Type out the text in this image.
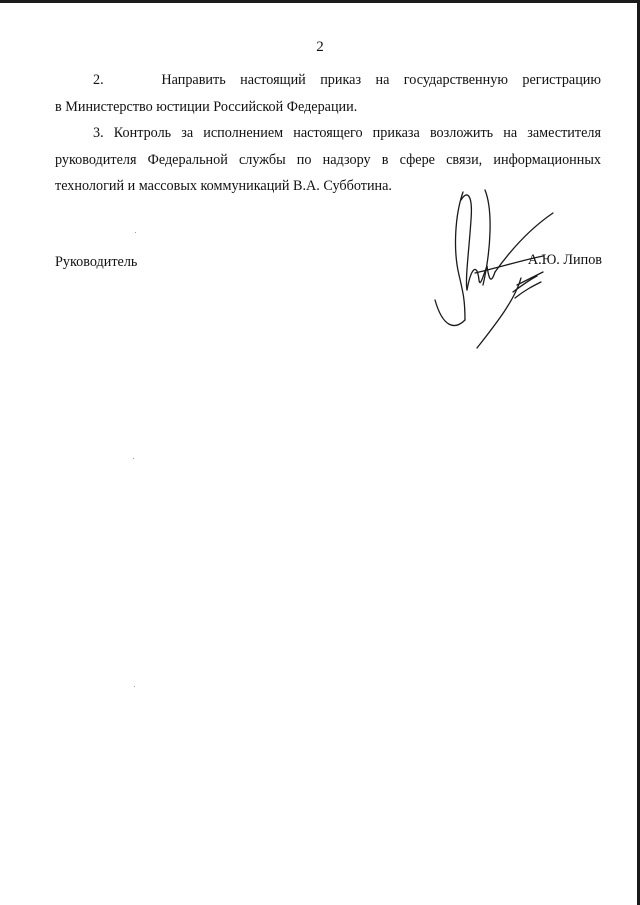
2
2.	Направить настоящий приказ на государственную регистрацию
в Министерство юстиции Российской Федерации.
3. Контроль за исполнением настоящего приказа возложить на заместителя
руководителя Федеральной службы по надзору в сфере связи, информационных
технологий и массовых коммуникаций В.А. Субботина.
Руководитель	А.Ю. Липов
